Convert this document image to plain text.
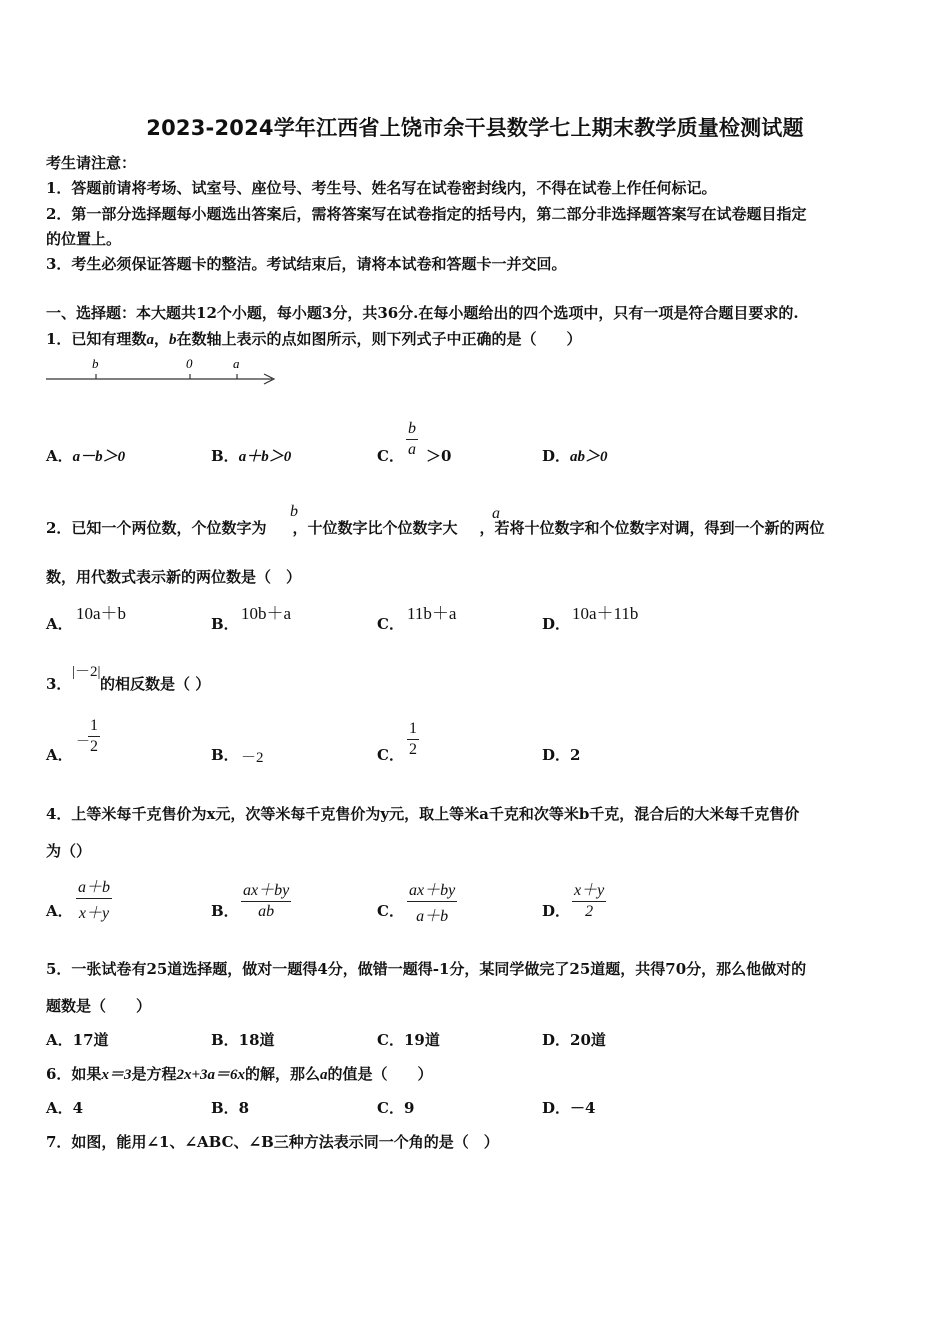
2023-2024学年江西省上饶市余干县数学七上期末教学质量检测试题
考生请注意：
1．答题前请将考场、试室号、座位号、考生号、姓名写在试卷密封线内，不得在试卷上作任何标记。
2．第一部分选择题每小题选出答案后，需将答案写在试卷指定的括号内，第二部分非选择题答案写在试卷题目指定
的位置上。
3．考生必须保证答题卡的整洁。考试结束后，请将本试卷和答题卡一并交回。
一、选择题：本大题共12个小题，每小题3分，共36分.在每小题给出的四个选项中，只有一项是符合题目要求的.
1．已知有理数a，b在数轴上表示的点如图所示，则下列式子中正确的是（　　）
b	0	a
A．a－b＞0	B．a＋b＞0	C．
b
a ＞0	D．ab＞0
2．已知一个两位数，个位数字为 ，十位数字比个位数字大 ，若将十位数字和个位数字对调，得到一个新的两位
b	a
数，用代数式表示新的两位数是（　）
A．
10a＋b
B．
10b＋a
C．
11b＋a
D．
10a＋11b
3．
|－2|
的相反数是（ ）
A．
－
1
2	B． －2	C．
1
2	D．2
4．上等米每千克售价为x元，次等米每千克售价为y元，取上等米a千克和次等米b千克，混合后的大米每千克售价
为（）
A．
a＋b
x＋y	B．
ax＋by
ab	C．
ax＋by
a＋b	D．
x＋y
2
5．一张试卷有25道选择题，做对一题得4分，做错一题得-1分，某同学做完了25道题，共得70分，那么他做对的
题数是（　　）
A．17道	B．18道	C．19道	D．20道
6．如果x＝3是方程2x+3a＝6x的解，那么a的值是（　　）
A．4	B．8	C．9	D．－4
7．如图，能用∠1、∠ABC、∠B三种方法表示同一个角的是（　）
